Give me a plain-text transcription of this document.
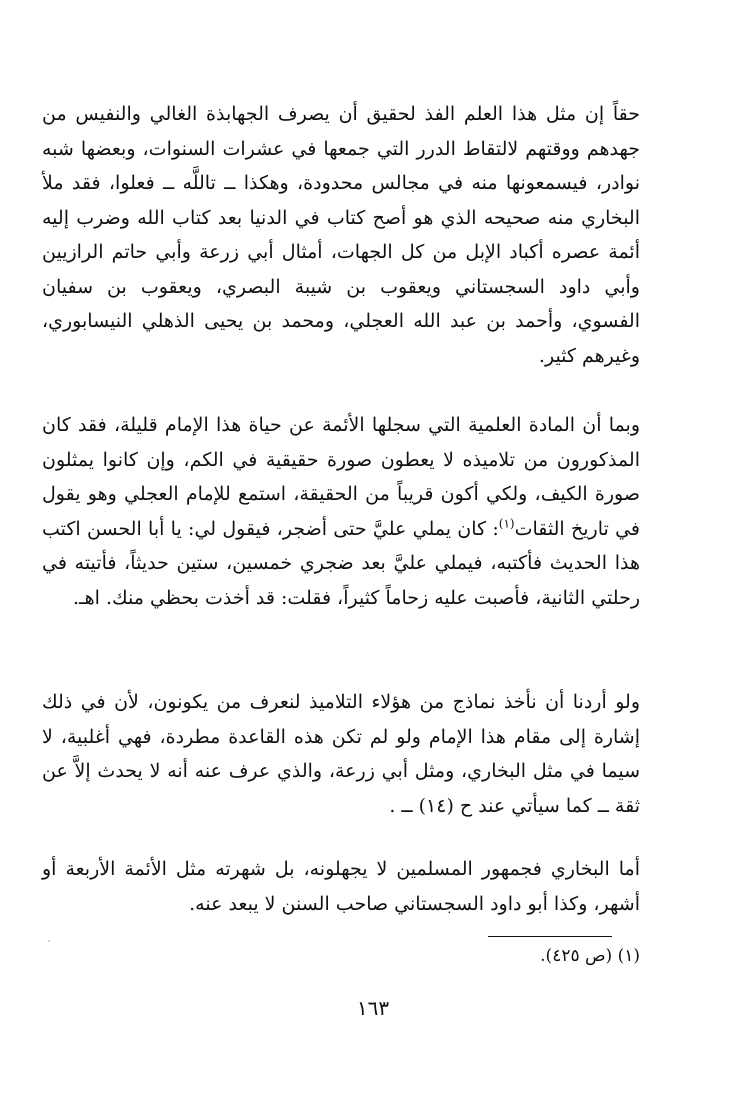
حقاً إن مثل هذا العلم الفذ لحقيق أن يصرف الجهابذة الغالي والنفيس من جهدهم ووقتهم لالتقاط الدرر التي جمعها في عشرات السنوات، وبعضها شبه نوادر، فيسمعونها منه في مجالس محدودة، وهكذا ــ تاللَّه ــ فعلوا، فقد ملأ البخاري منه صحيحه الذي هو أصح كتاب في الدنيا بعد كتاب الله وضرب إليه أئمة عصره أكباد الإبل من كل الجهات، أمثال أبي زرعة وأبي حاتم الرازيين وأبي داود السجستاني ويعقوب بن شيبة البصري، ويعقوب بن سفيان الفسوي، وأحمد بن عبد الله العجلي، ومحمد بن يحيى الذهلي النيسابوري، وغيرهم كثير.

وبما أن المادة العلمية التي سجلها الأئمة عن حياة هذا الإمام قليلة، فقد كان المذكورون من تلاميذه لا يعطون صورة حقيقية في الكم، وإن كانوا يمثلون صورة الكيف، ولكي أكون قريباً من الحقيقة، استمع للإمام العجلي وهو يقول في تاريخ الثقات$^{(١)}$: كان يملي عليَّ حتى أضجر، فيقول لي: يا أبا الحسن اكتب هذا الحديث فأكتبه، فيملي عليَّ بعد ضجري خمسين، ستين حديثاً، فأتيته في رحلتي الثانية، فأصبت عليه زحاماً كثيراً، فقلت: قد أخذت بحظي منك. اهـ.

ولو أردنا أن نأخذ نماذج من هؤلاء التلاميذ لنعرف من يكونون، لأن في ذلك إشارة إلى مقام هذا الإمام ولو لم تكن هذه القاعدة مطردة، فهي أغلبية، لا سيما في مثل البخاري، ومثل أبي زرعة، والذي عرف عنه أنه لا يحدث إلاَّ عن ثقة ــ كما سيأتي عند ح (١٤) ــ .

أما البخاري فجمهور المسلمين لا يجهلونه، بل شهرته مثل الأئمة الأربعة أو أشهر، وكذا أبو داود السجستاني صاحب السنن لا يبعد عنه.

(١) (ص ٤٢٥).

١٦٣
